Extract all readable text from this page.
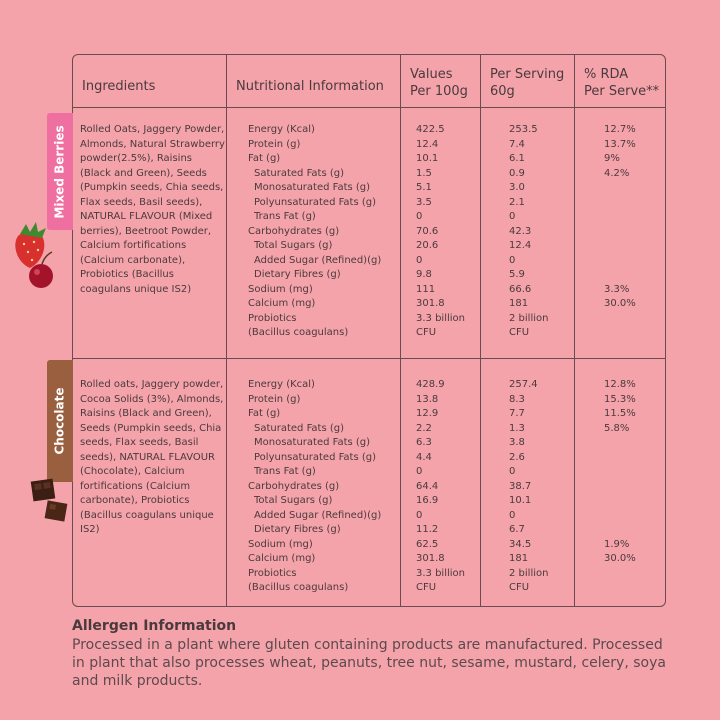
Ingredients	Nutritional Information
Values
Per 100g
Per Serving
60g
% RDA
Per Serve**
Mixed Berries
Chocolate
Rolled Oats, Jaggery Powder, Almonds, Natural Strawberry powder(2.5%), Raisins (Black and Green), Seeds (Pumpkin seeds, Chia seeds, Flax seeds, Basil seeds), NATURAL FLAVOUR (Mixed berries), Beetroot Powder, Calcium fortifications (Calcium carbonate), Probiotics (Bacillus coagulans unique IS2)
Energy (Kcal)
Protein (g)
Fat (g)
Saturated Fats (g)
Monosaturated Fats (g)
Polyunsaturated Fats (g)
Trans Fat (g)
Carbohydrates (g)
Total Sugars (g)
Added Sugar (Refined)(g)
Dietary Fibres (g)
Sodium (mg)
Calcium (mg)
Probiotics
(Bacillus coagulans)
422.5
12.4
10.1
1.5
5.1
3.5
0
70.6
20.6
0
9.8
111
301.8
3.3 billion
CFU
253.5
7.4
6.1
0.9
3.0
2.1
0
42.3
12.4
0
5.9
66.6
181
2 billion
CFU
12.7%
13.7%
9%
4.2%
3.3%
30.0%
Rolled oats, Jaggery powder, Cocoa Solids (3%), Almonds, Raisins (Black and Green), Seeds (Pumpkin seeds, Chia seeds, Flax seeds, Basil seeds), NATURAL FLAVOUR (Chocolate), Calcium fortifications (Calcium carbonate), Probiotics (Bacillus coagulans unique IS2)
Energy (Kcal)
Protein (g)
Fat (g)
Saturated Fats (g)
Monosaturated Fats (g)
Polyunsaturated Fats (g)
Trans Fat (g)
Carbohydrates (g)
Total Sugars (g)
Added Sugar (Refined)(g)
Dietary Fibres (g)
Sodium (mg)
Calcium (mg)
Probiotics
(Bacillus coagulans)
428.9
13.8
12.9
2.2
6.3
4.4
0
64.4
16.9
0
11.2
62.5
301.8
3.3 billion
CFU
257.4
8.3
7.7
1.3
3.8
2.6
0
38.7
10.1
0
6.7
34.5
181
2 billion
CFU
12.8%
15.3%
11.5%
5.8%
1.9%
30.0%
Allergen Information
Processed in a plant where gluten containing products are manufactured. Processed in plant that also processes wheat, peanuts, tree nut, sesame, mustard, celery, soya and milk products.
